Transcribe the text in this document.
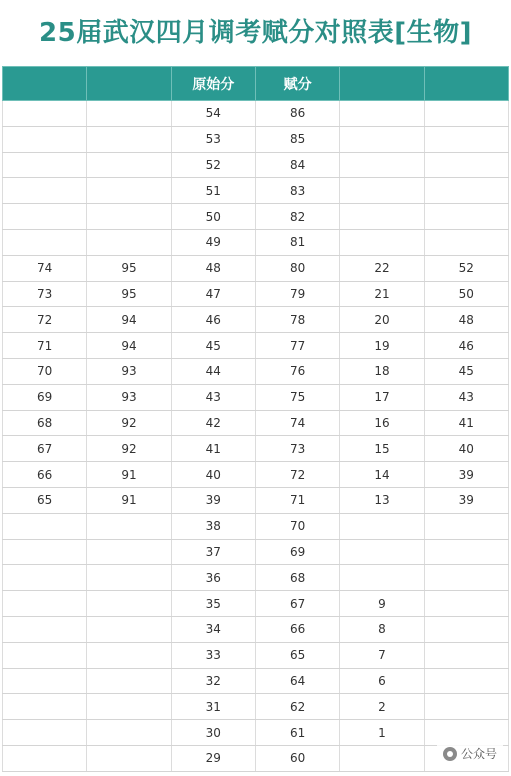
25届武汉四月调考赋分对照表[生物]
		原始分	赋分		
		54	86		
		53	85		
		52	84		
		51	83		
		50	82		
		49	81		
74	95	48	80	22	52
73	95	47	79	21	50
72	94	46	78	20	48
71	94	45	77	19	46
70	93	44	76	18	45
69	93	43	75	17	43
68	92	42	74	16	41
67	92	41	73	15	40
66	91	40	72	14	39
65	91	39	71	13	39
		38	70		
		37	69		
		36	68		
		35	67	9	
		34	66	8	
		33	65	7	
		32	64	6	
		31	62	2	
		30	61	1	
		29	60			公众号
